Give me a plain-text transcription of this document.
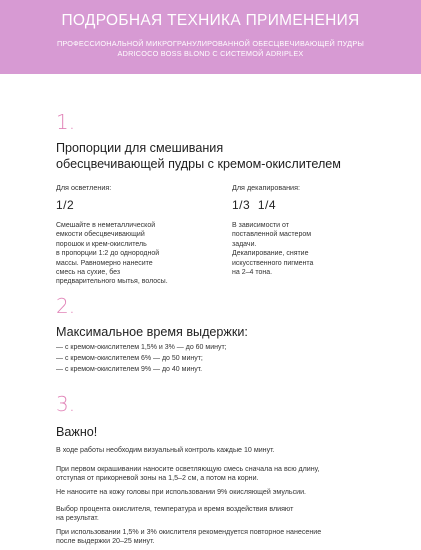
ПОДРОБНАЯ ТЕХНИКА ПРИМЕНЕНИЯ
ПРОФЕССИОНАЛЬНОЙ МИКРОГРАНУЛИРОВАННОЙ ОБЕСЦВЕЧИВАЮЩЕЙ ПУДРЫ
ADRICOCO BOSS BLOND С СИСТЕМОЙ ADRIPLEX
1.
Пропорции для смешивания
обесцвечивающей пудры с кремом-окислителем
Для осветления:
1/2
Смешайте в неметаллической
емкости обесцвечивающий
порошок и крем-окислитель
в пропорции 1:2 до однородной
массы. Равномерно нанесите
смесь на сухие, без
предварительного мытья, волосы.
Для декапирования:
1/3  1/4
В зависимости от
поставленной мастером
задачи.
Декапирование, снятие
искусственного пигмента
на 2–4 тона.
2.
Максимальное время выдержки:
— с кремом-окислителем 1,5% и 3% — до 60 минут;
— с кремом-окислителем 6% — до 50 минут;
— с кремом-окислителем 9% — до 40 минут.
3.
Важно!
В ходе работы необходим визуальный контроль каждые 10 минут.
При первом окрашивании наносите осветляющую смесь сначала на всю длину,
отступая от прикорневой зоны на 1,5–2 см, а потом на корни.
Не наносите на кожу головы при использовании 9% окисляющей эмульсии.
Выбор процента окислителя, температура и время воздействия влияют
на результат.
При использовании 1,5% и 3% окислителя рекомендуется повторное нанесение
после выдержки 20–25 минут.
